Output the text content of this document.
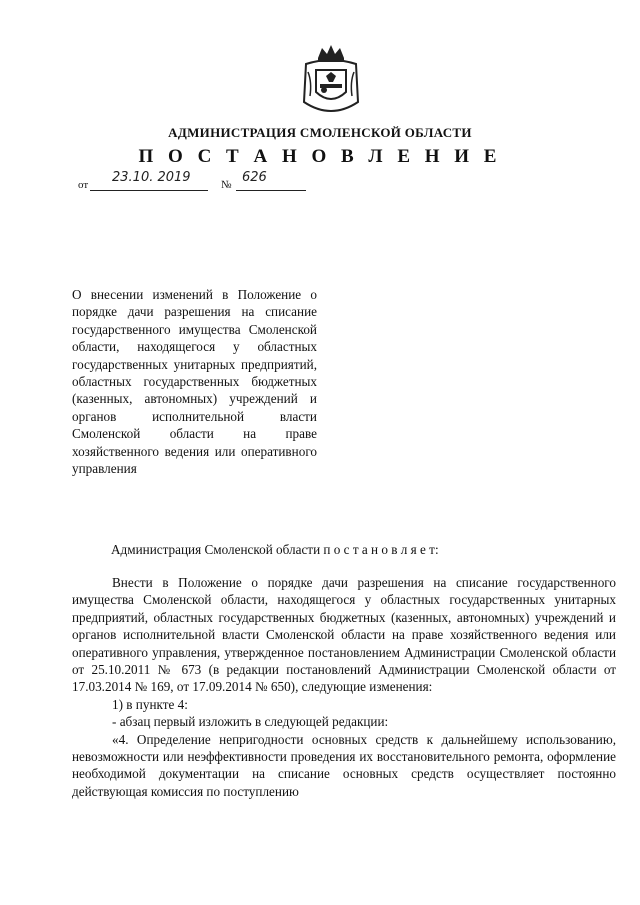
АДМИНИСТРАЦИЯ СМОЛЕНСКОЙ ОБЛАСТИ
П О С Т А Н О В Л Е Н И Е
от 23.10. 2019	№ 626
О внесении изменений в Положение о порядке дачи разрешения на списание государственного имущества Смоленской области, находящегося у областных государственных унитарных предприятий, областных государственных бюджетных (казенных, автономных) учреждений и органов исполнительной власти Смоленской области на праве хозяйственного ведения или оперативного управления
Администрация Смоленской области п о с т а н о в л я е т:

Внести в Положение о порядке дачи разрешения на списание государственного имущества Смоленской области, находящегося у областных государственных унитарных предприятий, областных государственных бюджетных (казенных, автономных) учреждений и органов исполнительной власти Смоленской области на праве хозяйственного ведения или оперативного управления, утвержденное постановлением Администрации Смоленской области от 25.10.2011 № 673 (в редакции постановлений Администрации Смоленской области от 17.03.2014 № 169, от 17.09.2014 № 650), следующие изменения:

1) в пункте 4:

- абзац первый изложить в следующей редакции:

«4. Определение непригодности основных средств к дальнейшему использованию, невозможности или неэффективности проведения их восстановительного ремонта, оформление необходимой документации на списание основных средств осуществляет постоянно действующая комиссия по поступлению
